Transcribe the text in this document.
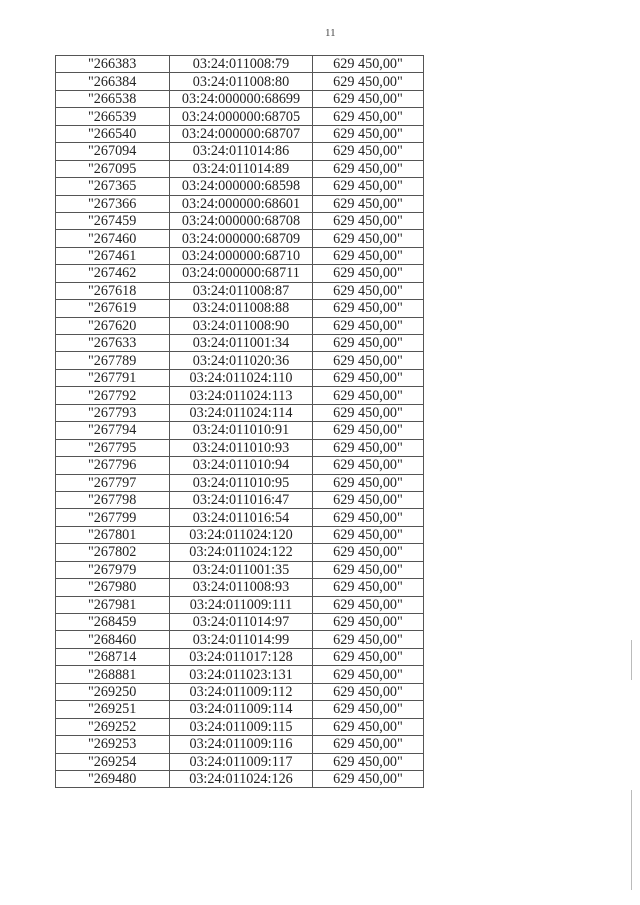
11
"266383	03:24:011008:79	629 450,00"
"266384	03:24:011008:80	629 450,00"
"266538	03:24:000000:68699	629 450,00"
"266539	03:24:000000:68705	629 450,00"
"266540	03:24:000000:68707	629 450,00"
"267094	03:24:011014:86	629 450,00"
"267095	03:24:011014:89	629 450,00"
"267365	03:24:000000:68598	629 450,00"
"267366	03:24:000000:68601	629 450,00"
"267459	03:24:000000:68708	629 450,00"
"267460	03:24:000000:68709	629 450,00"
"267461	03:24:000000:68710	629 450,00"
"267462	03:24:000000:68711	629 450,00"
"267618	03:24:011008:87	629 450,00"
"267619	03:24:011008:88	629 450,00"
"267620	03:24:011008:90	629 450,00"
"267633	03:24:011001:34	629 450,00"
"267789	03:24:011020:36	629 450,00"
"267791	03:24:011024:110	629 450,00"
"267792	03:24:011024:113	629 450,00"
"267793	03:24:011024:114	629 450,00"
"267794	03:24:011010:91	629 450,00"
"267795	03:24:011010:93	629 450,00"
"267796	03:24:011010:94	629 450,00"
"267797	03:24:011010:95	629 450,00"
"267798	03:24:011016:47	629 450,00"
"267799	03:24:011016:54	629 450,00"
"267801	03:24:011024:120	629 450,00"
"267802	03:24:011024:122	629 450,00"
"267979	03:24:011001:35	629 450,00"
"267980	03:24:011008:93	629 450,00"
"267981	03:24:011009:111	629 450,00"
"268459	03:24:011014:97	629 450,00"
"268460	03:24:011014:99	629 450,00"
"268714	03:24:011017:128	629 450,00"
"268881	03:24:011023:131	629 450,00"
"269250	03:24:011009:112	629 450,00"
"269251	03:24:011009:114	629 450,00"
"269252	03:24:011009:115	629 450,00"
"269253	03:24:011009:116	629 450,00"
"269254	03:24:011009:117	629 450,00"
"269480	03:24:011024:126	629 450,00"
